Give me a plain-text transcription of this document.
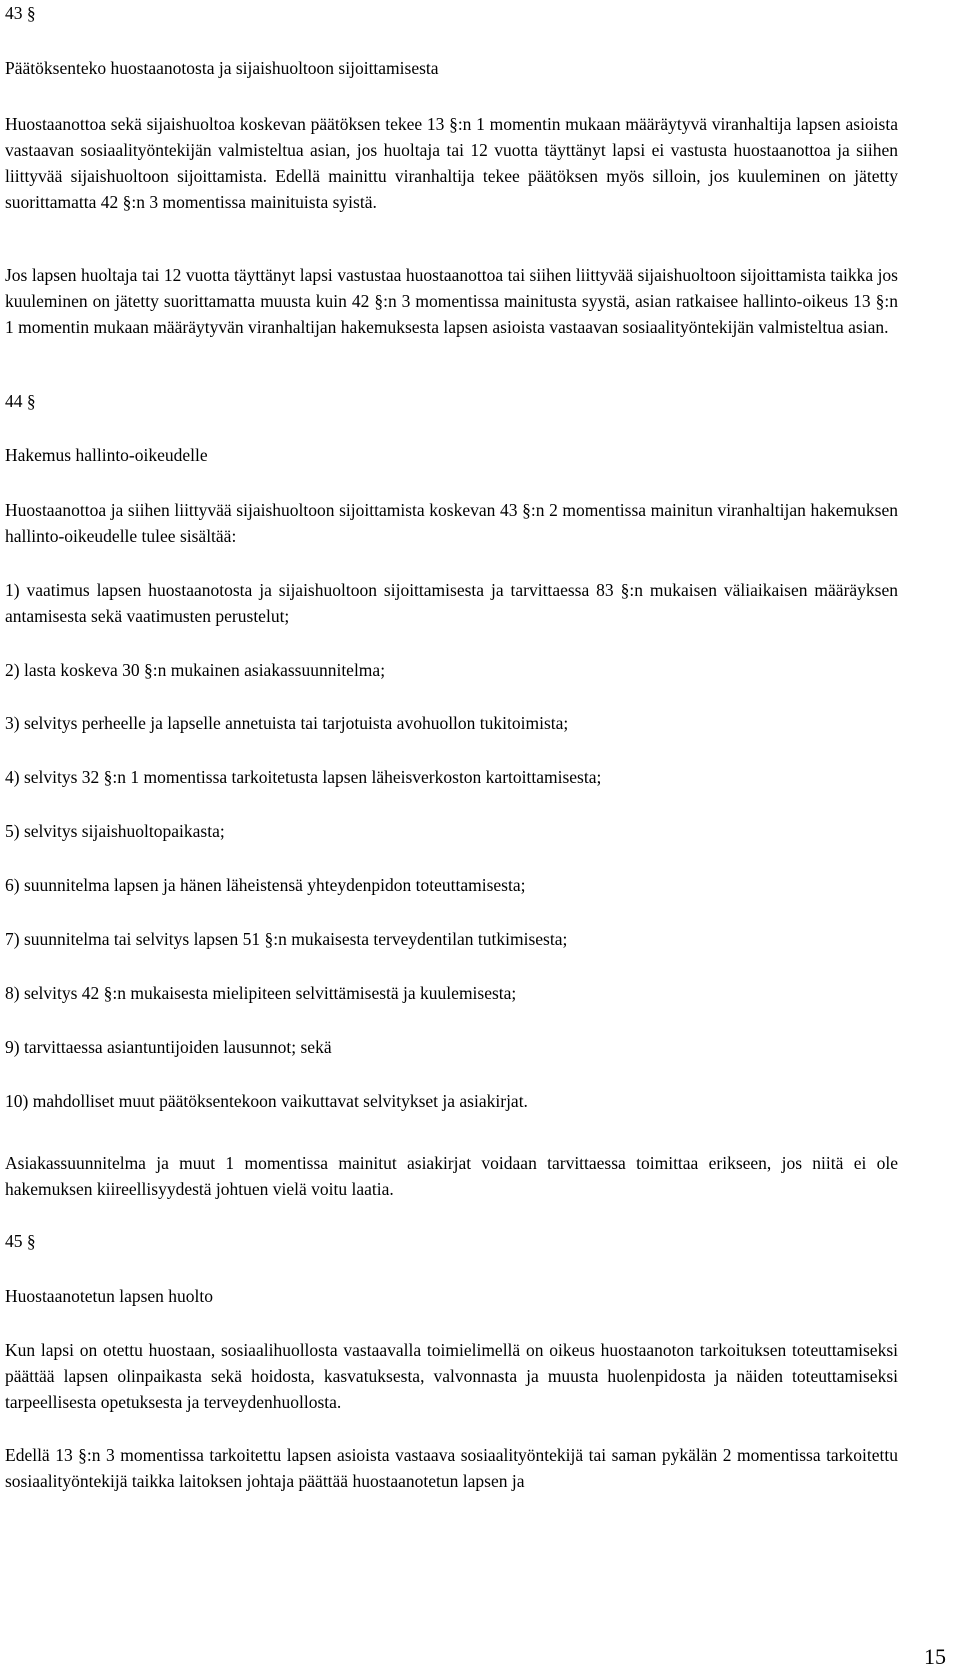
43 §

Päätöksenteko huostaanotosta ja sijaishuoltoon sijoittamisesta

Huostaanottoa sekä sijaishuoltoa koskevan päätöksen tekee 13 §:n 1 momentin mukaan määräytyvä viranhaltija lapsen asioista vastaavan sosiaalityöntekijän valmisteltua asian, jos huoltaja tai 12 vuotta täyttänyt lapsi ei vastusta huostaanottoa ja siihen liittyvää sijaishuoltoon sijoittamista. Edellä mainittu viranhaltija tekee päätöksen myös silloin, jos kuuleminen on jätetty suorittamatta 42 §:n 3 momentissa mainituista syistä.

Jos lapsen huoltaja tai 12 vuotta täyttänyt lapsi vastustaa huostaanottoa tai siihen liittyvää sijaishuoltoon sijoittamista taikka jos kuuleminen on jätetty suorittamatta muusta kuin 42 §:n 3 momentissa mainitusta syystä, asian ratkaisee hallinto-oikeus 13 §:n 1 momentin mukaan määräytyvän viranhaltijan hakemuksesta lapsen asioista vastaavan sosiaalityöntekijän valmisteltua asian.

44 §

Hakemus hallinto-oikeudelle

Huostaanottoa ja siihen liittyvää sijaishuoltoon sijoittamista koskevan 43 §:n 2 momentissa mainitun viranhaltijan hakemuksen hallinto-oikeudelle tulee sisältää:

1) vaatimus lapsen huostaanotosta ja sijaishuoltoon sijoittamisesta ja tarvittaessa 83 §:n mukaisen väliaikaisen määräyksen antamisesta sekä vaatimusten perustelut;

2) lasta koskeva 30 §:n mukainen asiakassuunnitelma;

3) selvitys perheelle ja lapselle annetuista tai tarjotuista avohuollon tukitoimista;

4) selvitys 32 §:n 1 momentissa tarkoitetusta lapsen läheisverkoston kartoittamisesta;

5) selvitys sijaishuoltopaikasta;

6) suunnitelma lapsen ja hänen läheistensä yhteydenpidon toteuttamisesta;

7) suunnitelma tai selvitys lapsen 51 §:n mukaisesta terveydentilan tutkimisesta;

8) selvitys 42 §:n mukaisesta mielipiteen selvittämisestä ja kuulemisesta;

9) tarvittaessa asiantuntijoiden lausunnot; sekä

10) mahdolliset muut päätöksentekoon vaikuttavat selvitykset ja asiakirjat.

Asiakassuunnitelma ja muut 1 momentissa mainitut asiakirjat voidaan tarvittaessa toimittaa erikseen, jos niitä ei ole hakemuksen kiireellisyydestä johtuen vielä voitu laatia.

45 §

Huostaanotetun lapsen huolto

Kun lapsi on otettu huostaan, sosiaalihuollosta vastaavalla toimielimellä on oikeus huostaanoton tarkoituksen toteuttamiseksi päättää lapsen olinpaikasta sekä hoidosta, kasvatuksesta, valvonnasta ja muusta huolenpidosta ja näiden toteuttamiseksi tarpeellisesta opetuksesta ja terveydenhuollosta.

Edellä 13 §:n 3 momentissa tarkoitettu lapsen asioista vastaava sosiaalityöntekijä tai saman pykälän 2 momentissa tarkoitettu sosiaalityöntekijä taikka laitoksen johtaja päättää huostaanotetun lapsen ja

15
